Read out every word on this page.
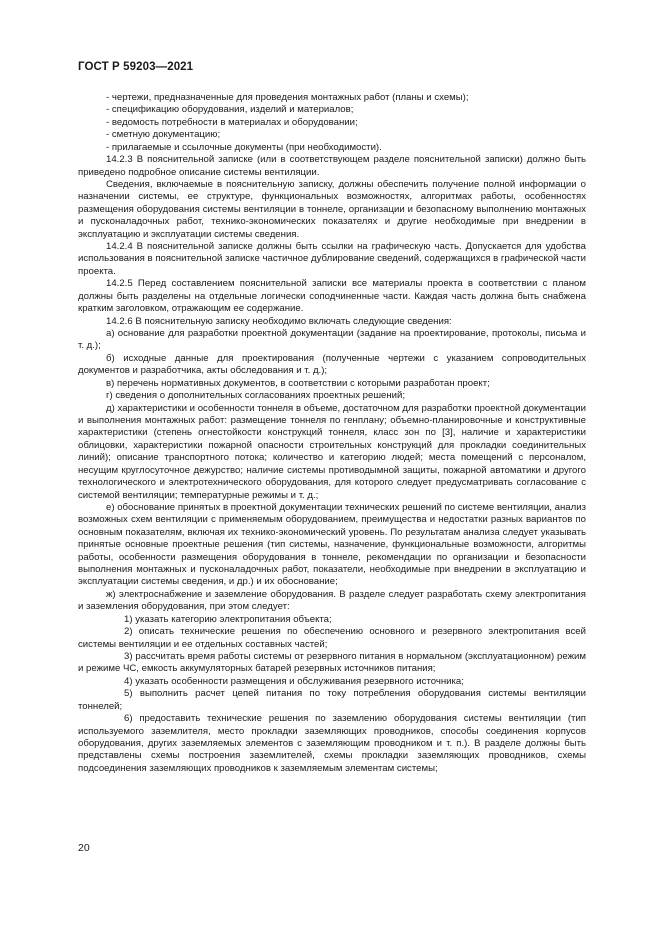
ГОСТ Р 59203—2021

- чертежи, предназначенные для проведения монтажных работ (планы и схемы);

- спецификацию оборудования, изделий и материалов;

- ведомость потребности в материалах и оборудовании;

- сметную документацию;

- прилагаемые и ссылочные документы (при необходимости).

14.2.3 В пояснительной записке (или в соответствующем разделе пояснительной записки) должно быть приведено подробное описание системы вентиляции.

Сведения, включаемые в пояснительную записку, должны обеспечить получение полной информации о назначении системы, ее структуре, функциональных возможностях, алгоритмах работы, особенностях размещения оборудования системы вентиляции в тоннеле, организации и безопасному выполнению монтажных и пусконаладочных работ, технико-экономических показателях и другие необходимые при внедрении в эксплуатацию и эксплуатации системы сведения.

14.2.4 В пояснительной записке должны быть ссылки на графическую часть. Допускается для удобства использования в пояснительной записке частичное дублирование сведений, содержащихся в графической части проекта.

14.2.5 Перед составлением пояснительной записки все материалы проекта в соответствии с планом должны быть разделены на отдельные логически соподчиненные части. Каждая часть должна быть снабжена кратким заголовком, отражающим ее содержание.

14.2.6 В пояснительную записку необходимо включать следующие сведения:

а) основание для разработки проектной документации (задание на проектирование, протоколы, письма и т. д.);

б) исходные данные для проектирования (полученные чертежи с указанием сопроводительных документов и разработчика, акты обследования и т. д.);

в) перечень нормативных документов, в соответствии с которыми разработан проект;

г) сведения о дополнительных согласованиях проектных решений;

д) характеристики и особенности тоннеля в объеме, достаточном для разработки проектной документации и выполнения монтажных работ: размещение тоннеля по генплану; объемно-планировочные и конструктивные характеристики (степень огнестойкости конструкций тоннеля, класс зон по [3], наличие и характеристики облицовки, характеристики пожарной опасности строительных конструкций для прокладки соединительных линий); описание транспортного потока; количество и категорию людей; места помещений с персоналом, несущим круглосуточное дежурство; наличие системы противодымной защиты, пожарной автоматики и другого технологического и электротехнического оборудования, для которого следует предусматривать согласование с системой вентиляции; температурные режимы и т. д.;

е) обоснование принятых в проектной документации технических решений по системе вентиляции, анализ возможных схем вентиляции с применяемым оборудованием, преимущества и недостатки разных вариантов по основным показателям, включая их технико-экономический уровень. По результатам анализа следует указывать принятые основные проектные решения (тип системы, назначение, функциональные возможности, алгоритмы работы, особенности размещения оборудования в тоннеле, рекомендации по организации и безопасности выполнения монтажных и пусконаладочных работ, показатели, необходимые при внедрении в эксплуатацию и эксплуатации системы сведения, и др.) и их обоснование;

ж) электроснабжение и заземление оборудования. В разделе следует разработать схему электропитания и заземления оборудования, при этом следует:

1) указать категорию электропитания объекта;

2) описать технические решения по обеспечению основного и резервного электропитания всей системы вентиляции и ее отдельных составных частей;

3) рассчитать время работы системы от резервного питания в нормальном (эксплуатационном) режим и режиме ЧС, емкость аккумуляторных батарей резервных источников питания;

4) указать особенности размещения и обслуживания резервного источника;

5) выполнить расчет цепей питания по току потребления оборудования системы вентиляции тоннелей;

6) предоставить технические решения по заземлению оборудования системы вентиляции (тип используемого заземлителя, место прокладки заземляющих проводников, способы соединения корпусов оборудования, других заземляемых элементов с заземляющим проводником и т. п.). В разделе должны быть представлены схемы построения заземлителей, схемы прокладки заземляющих проводников, схемы подсоединения заземляющих проводников к заземляемым элементам системы;

20
